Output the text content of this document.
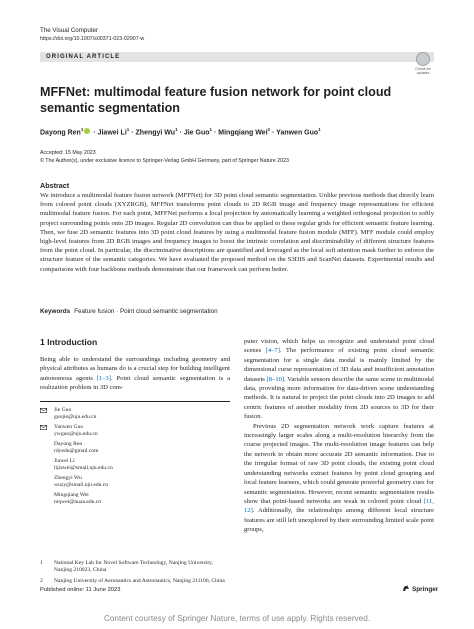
The Visual Computer
https://doi.org/10.1007/s00371-023-02907-w
ORIGINAL ARTICLE
Check for updates
MFFNet: multimodal feature fusion network for point cloud semantic segmentation
Dayong Ren$^1$ · Jiawei $Li^1$ · Zhengyi $Wu^1$ · Jie Guo$^1$ · Mingqiang Wei$^2$ · Yanwen Guo$^1$
Accepted: 15 May 2023
© The Author(s), under exclusive licence to Springer-Verlag GmbH Germany, part of Springer Nature 2023
Abstract
We introduce a multimodal feature fusion network (MFFNet) for 3D point cloud semantic segmentation. Unlike previous methods that directly learn from colored point clouds (XYZRGB), MFFNet transforms point clouds to 2D RGB image and frequency image representations for efficient multimodal feature fusion. For each point, MFFNet performs a local projection by automatically learning a weighted orthogonal projection to softly project surrounding points onto 2D images. Regular 2D convolution can thus be applied to these regular grids for efficient semantic feature learning. Then, we fuse 2D semantic features into 3D point cloud features by using a multimodal feature fusion module (MFF). MFF module could employ high-level features from 2D RGB images and frequency images to boost the intrinsic correlation and discriminability of different structure features from the point cloud. In particular, the discriminative descriptions are quantified and leveraged as the local soft attention mask further to enforce the structure feature of the semantic categories. We have evaluated the proposed method on the S3DIS and ScanNet datasets. Experimental results and comparisons with four backbone methods demonstrate that our framework can perform better.
Keywords Feature fusion · Point cloud semantic segmentation
1 Introduction
Being able to understand the surroundings including geometry and physical attributes as humans do is a crucial step for building intelligent autonomous agents [1–3]. Point cloud semantic segmentation is a realization problem in 3D com-
Jie Guo
guojie@nju.edu.cn
Yanwen Guo
ywguo@nju.edu.cn
Dayong Ren
rdyedu@gmail.com
Jiawei Li
lijiawei@smail.nju.edu.cn
Zhengyi Wu
wuzy@smail.nju.edu.cn
Mingqiang Wei
mqwei@nuaa.edu.cn
1 National Key Lab for Novel Software Technology, Nanjing University, Nanjing 210023, China
2 Nanjing University of Aeronautics and Astronautics, Nanjing 211106, China

puter vision, which helps us recognize and understand point cloud scenes [4–7]. The performance of existing point cloud semantic segmentation for a single data modal is mainly limited by the dimensional curse representation of 3D data and insufficient annotation datasets [8–10]. Variable sensors describe the same scene in multimodal data, providing more information for data-driven scene understanding methods. It is natural to project the point clouds into 2D images to add centric features of another modality from 2D sources to 3D for their fusion.

Previous 2D segmentation network work capture features at increasingly larger scales along a multi-resolution hierarchy from the coarse projected images. The multi-resolution image features can help the network to obtain more accurate 2D semantic information. Due to the irregular format of raw 3D point clouds, the existing point cloud understanding networks extract features by point cloud grouping and local feature learners, which could generate powerful geometry cues for semantic segmentation. However, recent semantic segmentation results show that point-based networks are weak in colored point cloud [11, 12]. Additionally, the relationships among different local structure features are still left unexplored by their surrounding limited scale point groups,

Published online: 11 June 2023	Springer
Content courtesy of Springer Nature, terms of use apply. Rights reserved.
